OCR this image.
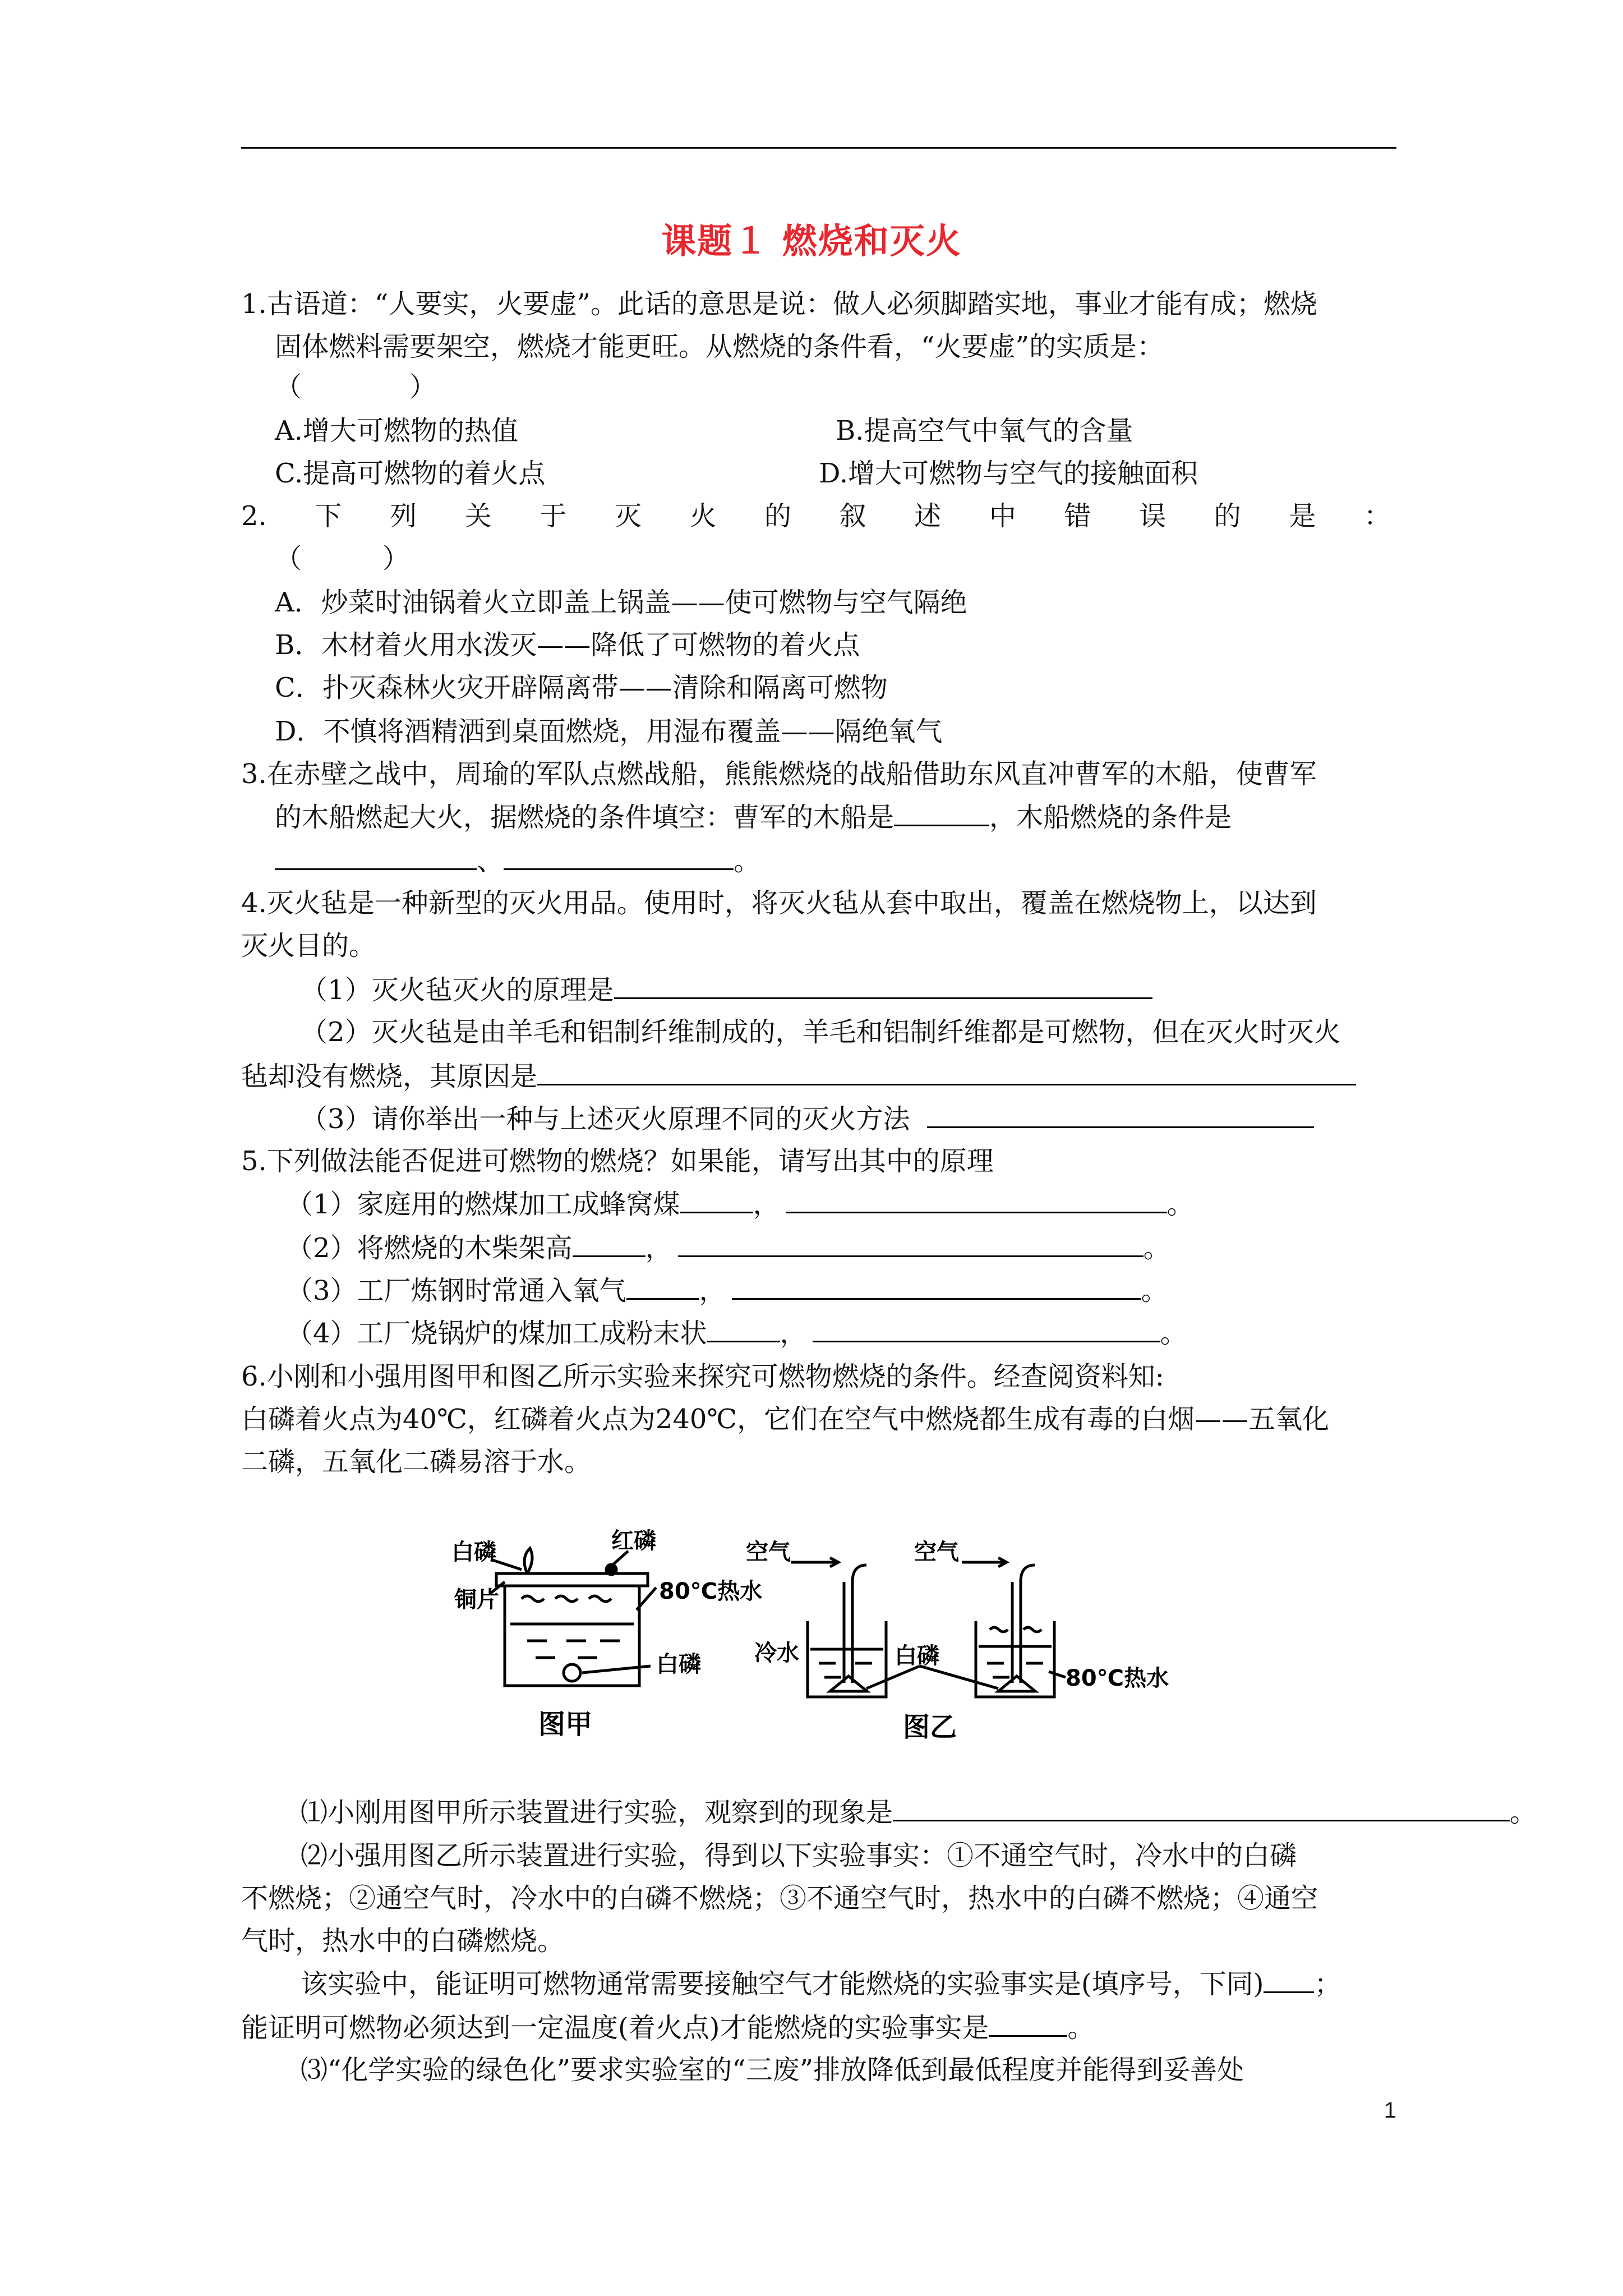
课题１ 燃烧和灭火
1.古语道：“人要实，火要虚”。此话的意思是说：做人必须脚踏实地，事业才能有成；燃烧
固体燃料需要架空，燃烧才能更旺。从燃烧的条件看，“火要虚”的实质是：
（　　　　）
A.增大可燃物的热值	B.提高空气中氧气的含量
C.提高可燃物的着火点	D.增大可燃物与空气的接触面积
2. 下 列 关 于 灭 火 的 叙 述 中 错 误 的 是 ：
（　　　）
A．炒菜时油锅着火立即盖上锅盖——使可燃物与空气隔绝
B．木材着火用水泼灭——降低了可燃物的着火点
C．扑灭森林火灾开辟隔离带——清除和隔离可燃物
D．不慎将酒精洒到桌面燃烧，用湿布覆盖——隔绝氧气
3.在赤壁之战中，周瑜的军队点燃战船，熊熊燃烧的战船借助东风直冲曹军的木船，使曹军
的木船燃起大火，据燃烧的条件填空：曹军的木船是	，木船燃烧的条件是
、	。
4.灭火毡是一种新型的灭火用品。使用时，将灭火毡从套中取出，覆盖在燃烧物上，以达到
灭火目的。
（1）灭火毡灭火的原理是
（2）灭火毡是由羊毛和铝制纤维制成的，羊毛和铝制纤维都是可燃物，但在灭火时灭火
毡却没有燃烧，其原因是
（3）请你举出一种与上述灭火原理不同的灭火方法
5.下列做法能否促进可燃物的燃烧？如果能，请写出其中的原理
（1）家庭用的燃煤加工成蜂窝煤	，	。
（2）将燃烧的木柴架高	，	。
（3）工厂炼钢时常通入氧气	，	。
（4）工厂烧锅炉的煤加工成粉末状	，	。
6.小刚和小强用图甲和图乙所示实验来探究可燃物燃烧的条件。经查阅资料知:
白磷着火点为40℃，红磷着火点为240℃，它们在空气中燃烧都生成有毒的白烟——五氧化
二磷，五氧化二磷易溶于水。
白磷	红磷
铜片	80℃热水
白磷
图甲
空气	空气
冷水	白磷
80℃热水
图乙
⑴小刚用图甲所示装置进行实验，观察到的现象是	。
⑵小强用图乙所示装置进行实验，得到以下实验事实：①不通空气时，冷水中的白磷
不燃烧；②通空气时，冷水中的白磷不燃烧；③不通空气时，热水中的白磷不燃烧；④通空
气时，热水中的白磷燃烧。
该实验中，能证明可燃物通常需要接触空气才能燃烧的实验事实是(填序号，下同) ；
能证明可燃物必须达到一定温度(着火点)才能燃烧的实验事实是	。
⑶“化学实验的绿色化”要求实验室的“三废”排放降低到最低程度并能得到妥善处
1
